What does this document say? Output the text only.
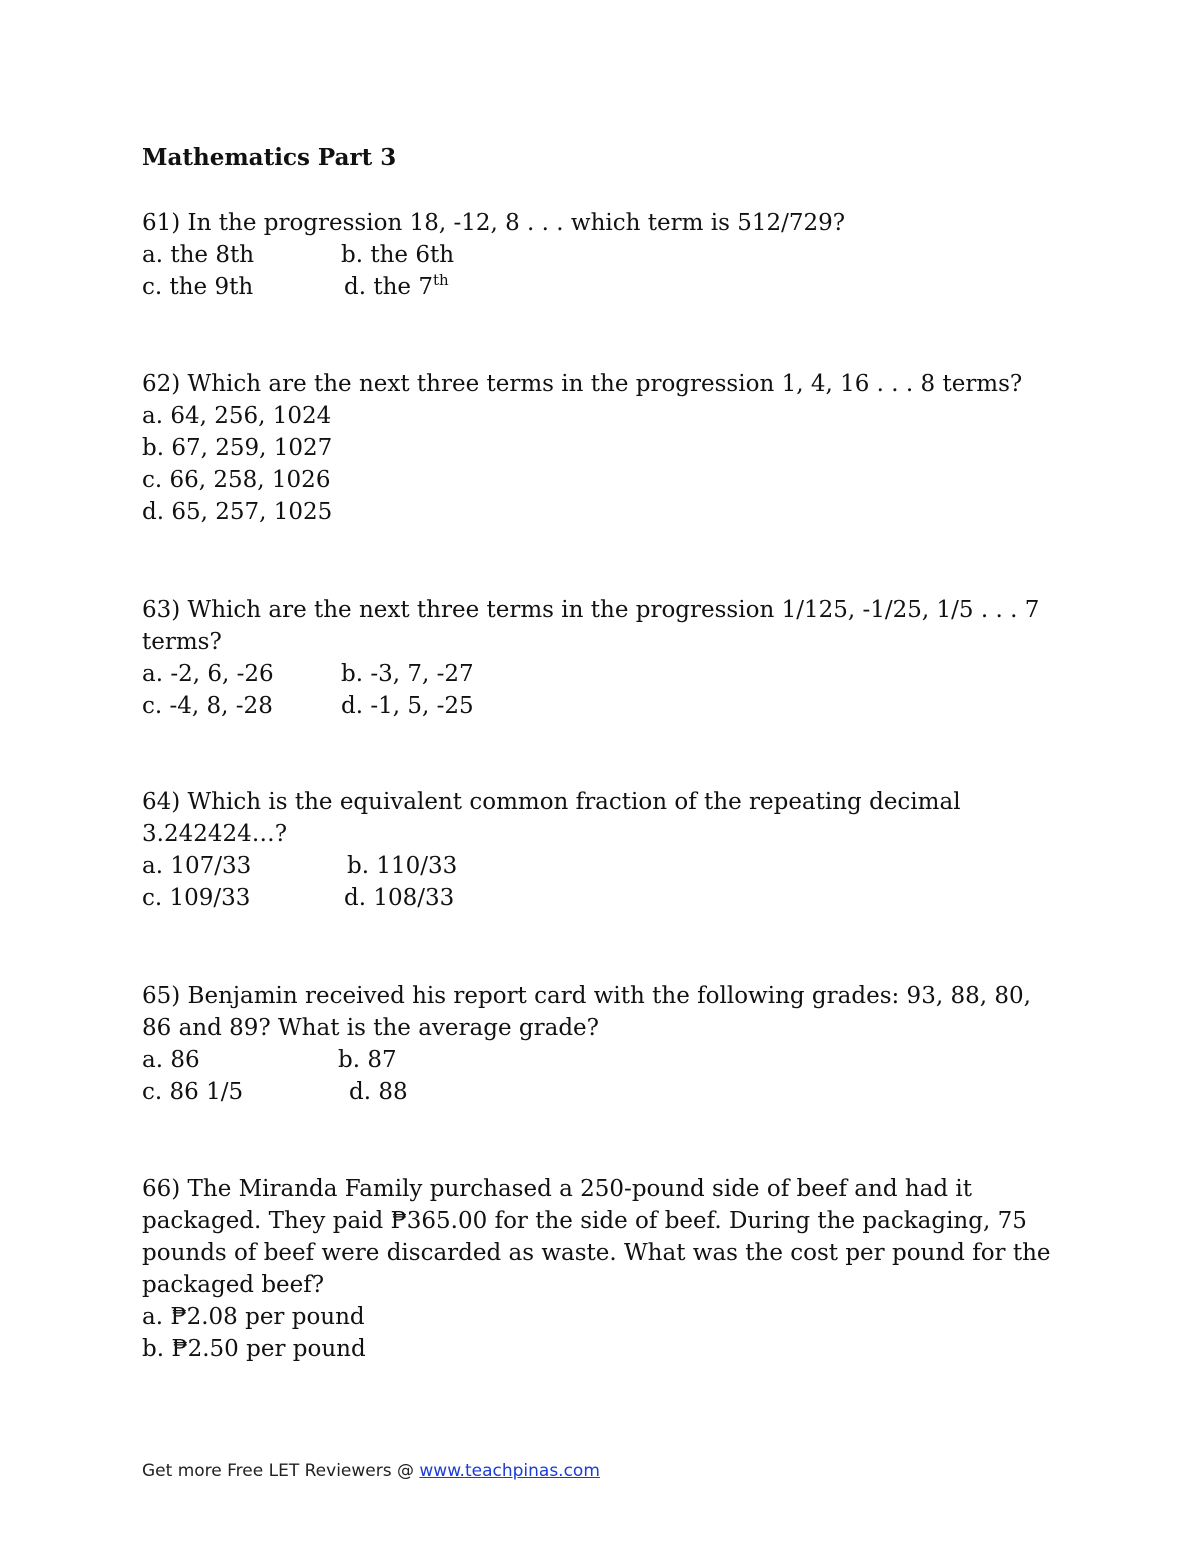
Mathematics Part 3
61) In the progression 18, -12, 8 . . . which term is 512/729?
a. the 8th	b. the 6th
c. the 9th	d. the 7th
62) Which are the next three terms in the progression 1, 4, 16 . . . 8 terms?
a. 64, 256, 1024
b. 67, 259, 1027
c. 66, 258, 1026
d. 65, 257, 1025
63) Which are the next three terms in the progression 1/125, -1/25, 1/5 . . . 7
terms?
a. -2, 6, -26	b. -3, 7, -27
c. -4, 8, -28	d. -1, 5, -25
64) Which is the equivalent common fraction of the repeating decimal
3.242424…?
a. 107/33	b. 110/33
c. 109/33	d. 108/33
65) Benjamin received his report card with the following grades: 93, 88, 80,
86 and 89? What is the average grade?
a. 86	b. 87
c. 86 1/5	d. 88
66) The Miranda Family purchased a 250-pound side of beef and had it
packaged. They paid ₱365.00 for the side of beef. During the packaging, 75
pounds of beef were discarded as waste. What was the cost per pound for the
packaged beef?
a. ₱2.08 per pound
b. ₱2.50 per pound
Get more Free LET Reviewers @ www.teachpinas.com
